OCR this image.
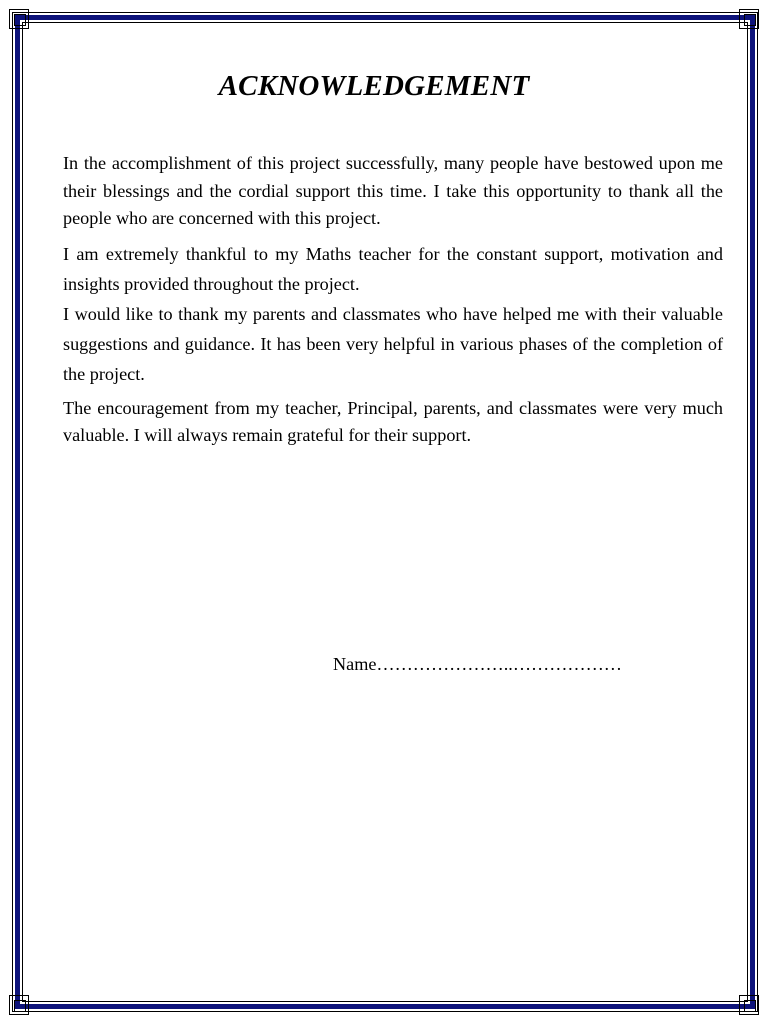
ACKNOWLEDGEMENT

In the accomplishment of this project successfully, many people have bestowed upon me their blessings and the cordial support this time. I take this opportunity to thank all the people who are concerned with this project.

I am extremely thankful to my Maths teacher for the constant support, motivation and insights provided throughout the project.

I would like to thank my parents and classmates who have helped me with their valuable suggestions and guidance. It has been very helpful in various phases of the completion of the project.

The encouragement from my teacher, Principal, parents, and classmates were very much valuable. I will always remain grateful for their support.

Name…………………..………………
